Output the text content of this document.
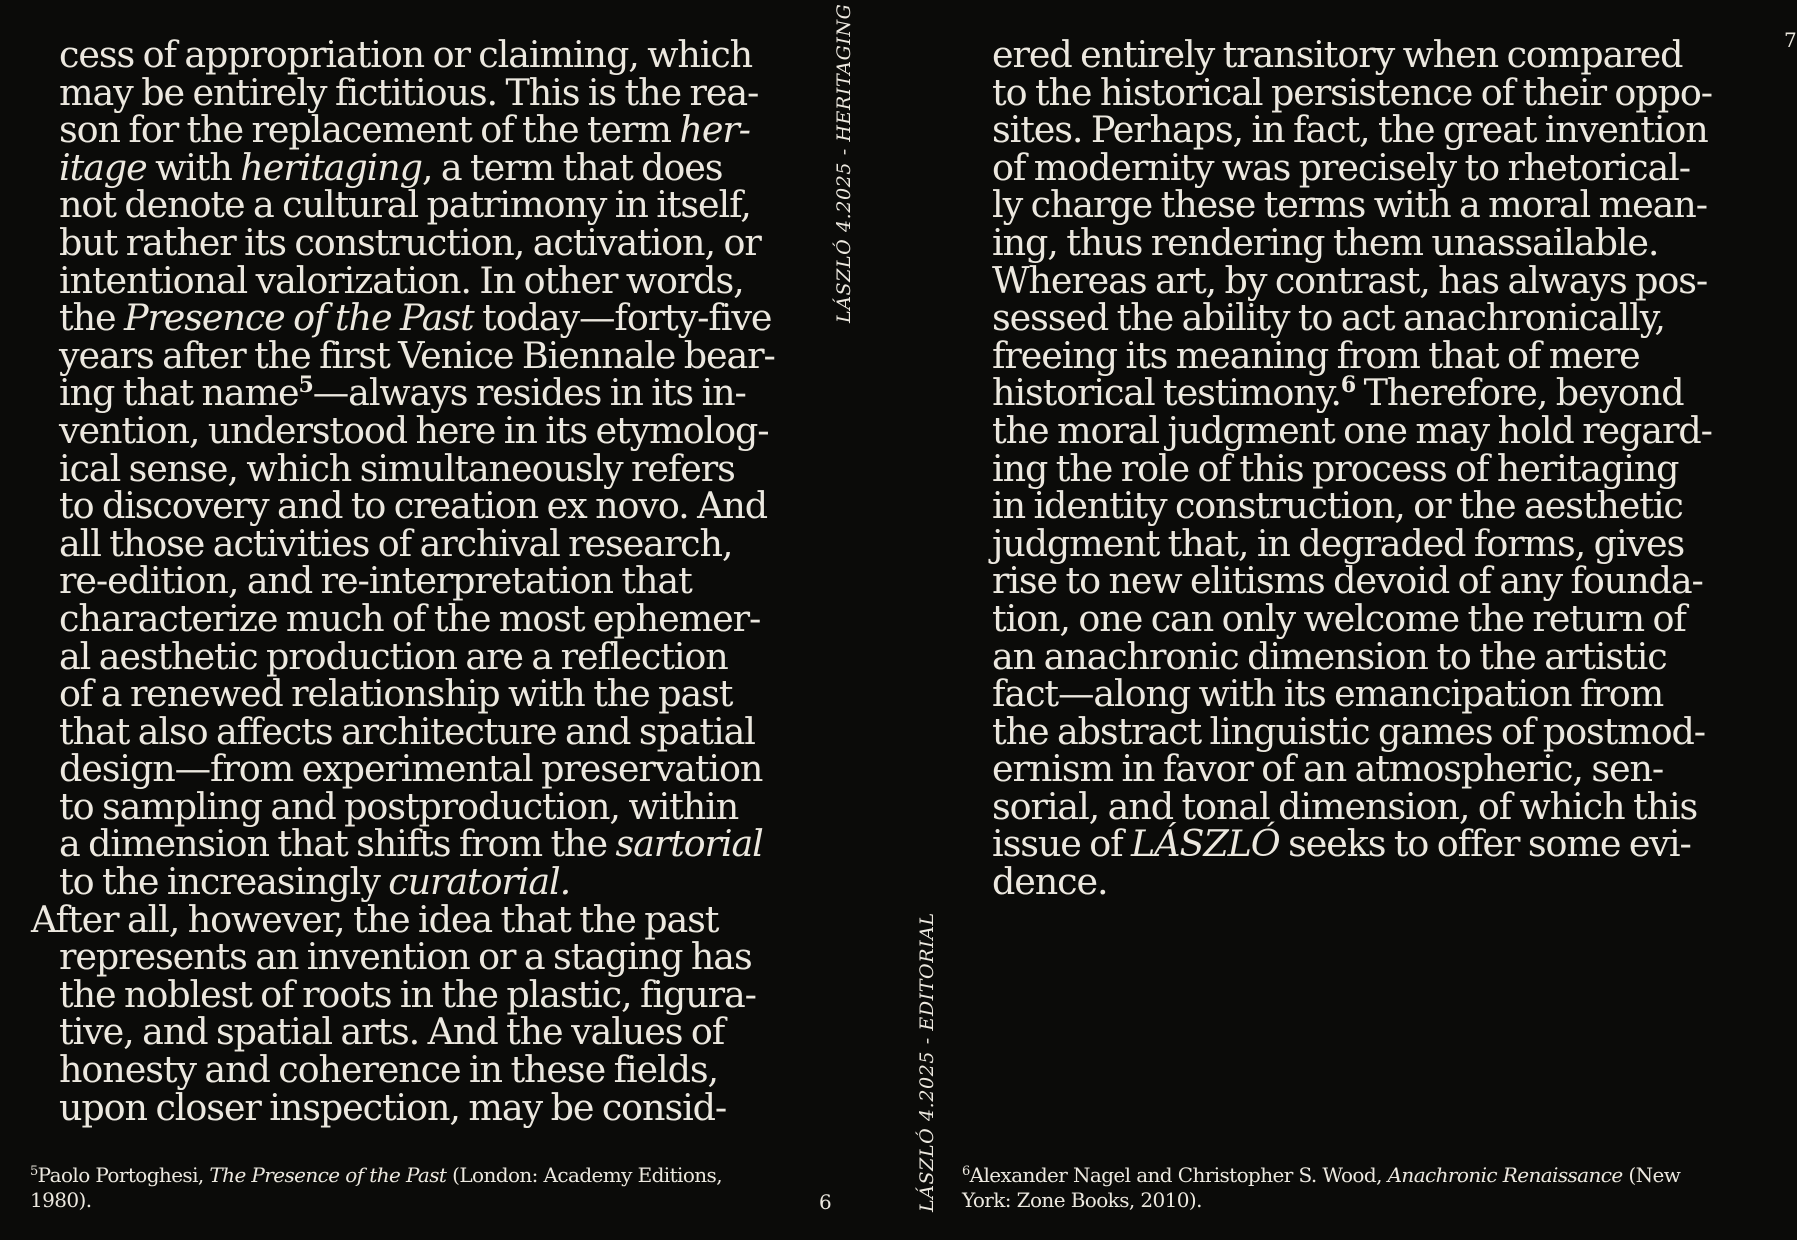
cess of appropriation or claiming, which
may be entirely fictitious. This is the rea-
son for the replacement of the term her-
itage with heritaging, a term that does
not denote a cultural patrimony in itself,
but rather its construction, activation, or
intentional valorization. In other words,
the Presence of the Past today—forty-five
years after the first Venice Biennale bear-
ing that name$^5$—always resides in its in-
vention, understood here in its etymolog-
ical sense, which simultaneously refers
to discovery and to creation ex novo. And
all those activities of archival research,
re-edition, and re-interpretation that
characterize much of the most ephemer-
al aesthetic production are a reflection
of a renewed relationship with the past
that also affects architecture and spatial
design—from experimental preservation
to sampling and postproduction, within
a dimension that shifts from the sartorial
to the increasingly curatorial.
After all, however, the idea that the past
represents an invention or a staging has
the noblest of roots in the plastic, figura-
tive, and spatial arts. And the values of
honesty and coherence in these fields,
upon closer inspection, may be consid-
$^5$Paolo Portoghesi, The Presence of the Past (London: Academy Editions,
1980).
LÁSZLÓ 4.2025 - HERITAGING
6
ered entirely transitory when compared
to the historical persistence of their oppo-
sites. Perhaps, in fact, the great invention
of modernity was precisely to rhetorical-
ly charge these terms with a moral mean-
ing, thus rendering them unassailable.
Whereas art, by contrast, has always pos-
sessed the ability to act anachronically,
freeing its meaning from that of mere
historical testimony.$^6$ Therefore, beyond
the moral judgment one may hold regard-
ing the role of this process of heritaging
in identity construction, or the aesthetic
judgment that, in degraded forms, gives
rise to new elitisms devoid of any founda-
tion, one can only welcome the return of
an anachronic dimension to the artistic
fact—along with its emancipation from
the abstract linguistic games of postmod-
ernism in favor of an atmospheric, sen-
sorial, and tonal dimension, of which this
issue of LÁSZLÓ seeks to offer some evi-
dence.
$^6$Alexander Nagel and Christopher S. Wood, Anachronic Renaissance (New
York: Zone Books, 2010).
7
LÁSZLÓ 4.2025 - EDITORIAL
